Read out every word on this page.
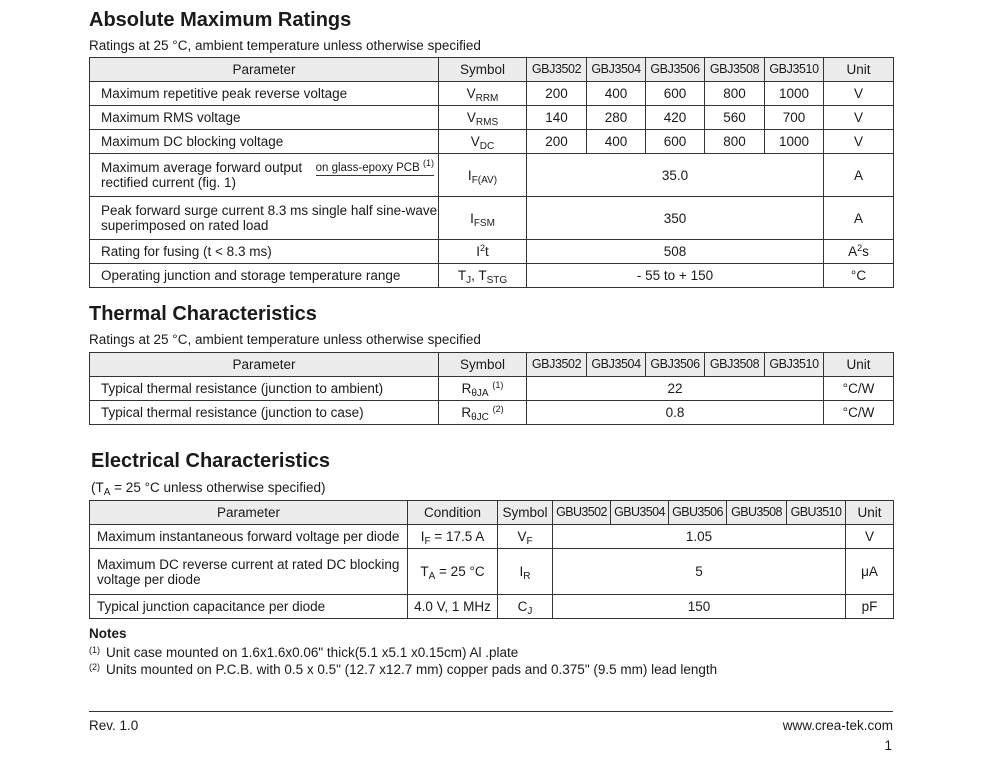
Absolute Maximum Ratings
Ratings at 25 °C, ambient temperature unless otherwise specified
Parameter	Symbol	GBJ3502	GBJ3504	GBJ3506	GBJ3508	GBJ3510	Unit
Maximum repetitive peak reverse voltage	$V_{RRM}$	200	400	600	800	1000	V
Maximum RMS voltage	$V_{RMS}$	140	280	420	560	700	V
Maximum DC blocking voltage	$V_{DC}$	200	400	600	800	1000	V

Maximum average forward output
rectified current (fig. 1)
on glass-epoxy PCB $^{(1)}$	$I_{F(AV)}$	35.0					A

Peak forward surge current 8.3 ms single half sine-wave
superimposed on rated load	$I_{FSM}$	350					A
Rating for fusing (t < 8.3 ms)	$I^2t$	508					$A^2s$
Operating junction and storage temperature range	$T_J$, $T_{STG}$	- 55 to + 150					°C
Thermal Characteristics
Ratings at 25 °C, ambient temperature unless otherwise specified
Parameter	Symbol	GBJ3502	GBJ3504	GBJ3506	GBJ3508	GBJ3510	Unit
Typical thermal resistance (junction to ambient)	$R_{\theta JA}$ $^{(1)}$	22					°C/W
Typical thermal resistance (junction to case)	$R_{\theta JC}$ $^{(2)}$	0.8					°C/W
Electrical Characteristics
($T_A = 25$ °C unless otherwise specified)
Parameter	Condition	Symbol	GBU3502	GBU3504	GBU3506	GBU3508	GBU3510	Unit
Maximum instantaneous forward voltage per diode	$I_F = 17.5$ A	$V_F$	1.05					V

Maximum DC reverse current at rated DC blocking
voltage per diode	$T_A = 25$ °C	$I_R$	5					μA
Typical junction capacitance per diode	4.0 V, 1 MHz	$C_J$	150					pF
Notes
$^{(1)}$ Unit case mounted on 1.6x1.6x0.06" thick(5.1 x5.1 x0.15cm) Al .plate
$^{(2)}$ Units mounted on P.C.B. with 0.5 x 0.5" (12.7 x12.7 mm) copper pads and 0.375" (9.5 mm) lead length
Rev. 1.0	www.crea-tek.com
1
